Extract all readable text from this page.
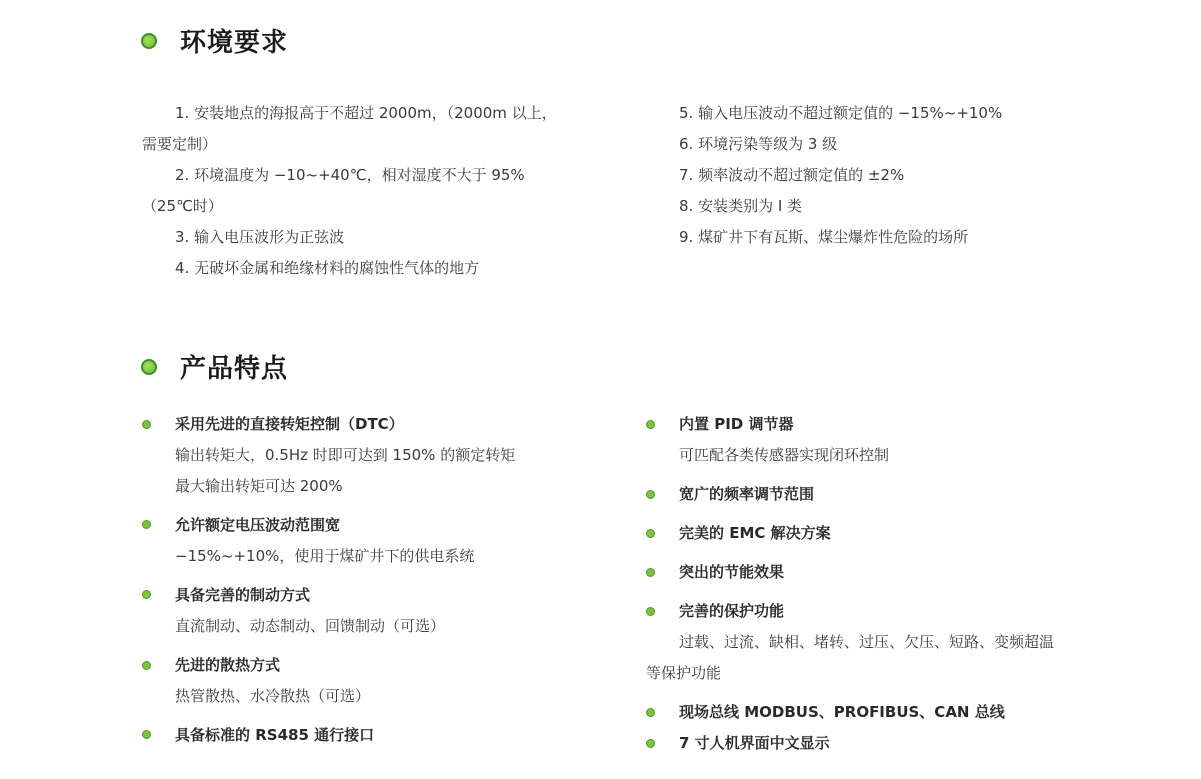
环境要求
1. 安装地点的海报高于不超过 2000m，（2000m 以上，
需要定制）
2. 环境温度为 −10~+40℃，相对湿度不大于 95%
（25℃时）
3. 输入电压波形为正弦波
4. 无破坏金属和绝缘材料的腐蚀性气体的地方
5. 输入电压波动不超过额定值的 −15%~+10%
6. 环境污染等级为 3 级
7. 频率波动不超过额定值的 ±2%
8. 安装类别为 I 类
9. 煤矿井下有瓦斯、煤尘爆炸性危险的场所
产品特点
采用先进的直接转矩控制（DTC）
输出转矩大，0.5Hz 时即可达到 150% 的额定转矩
最大输出转矩可达 200%
允许额定电压波动范围宽
−15%~+10%，使用于煤矿井下的供电系统
具备完善的制动方式
直流制动、动态制动、回馈制动（可选）
先进的散热方式
热管散热、水冷散热（可选）
具备标准的 RS485 通行接口
内置 PID 调节器
可匹配各类传感器实现闭环控制
宽广的频率调节范围
完美的 EMC 解决方案
突出的节能效果
完善的保护功能
过载、过流、缺相、堵转、过压、欠压、短路、变频超温
等保护功能
现场总线 MODBUS、PROFIBUS、CAN 总线
7 寸人机界面中文显示
